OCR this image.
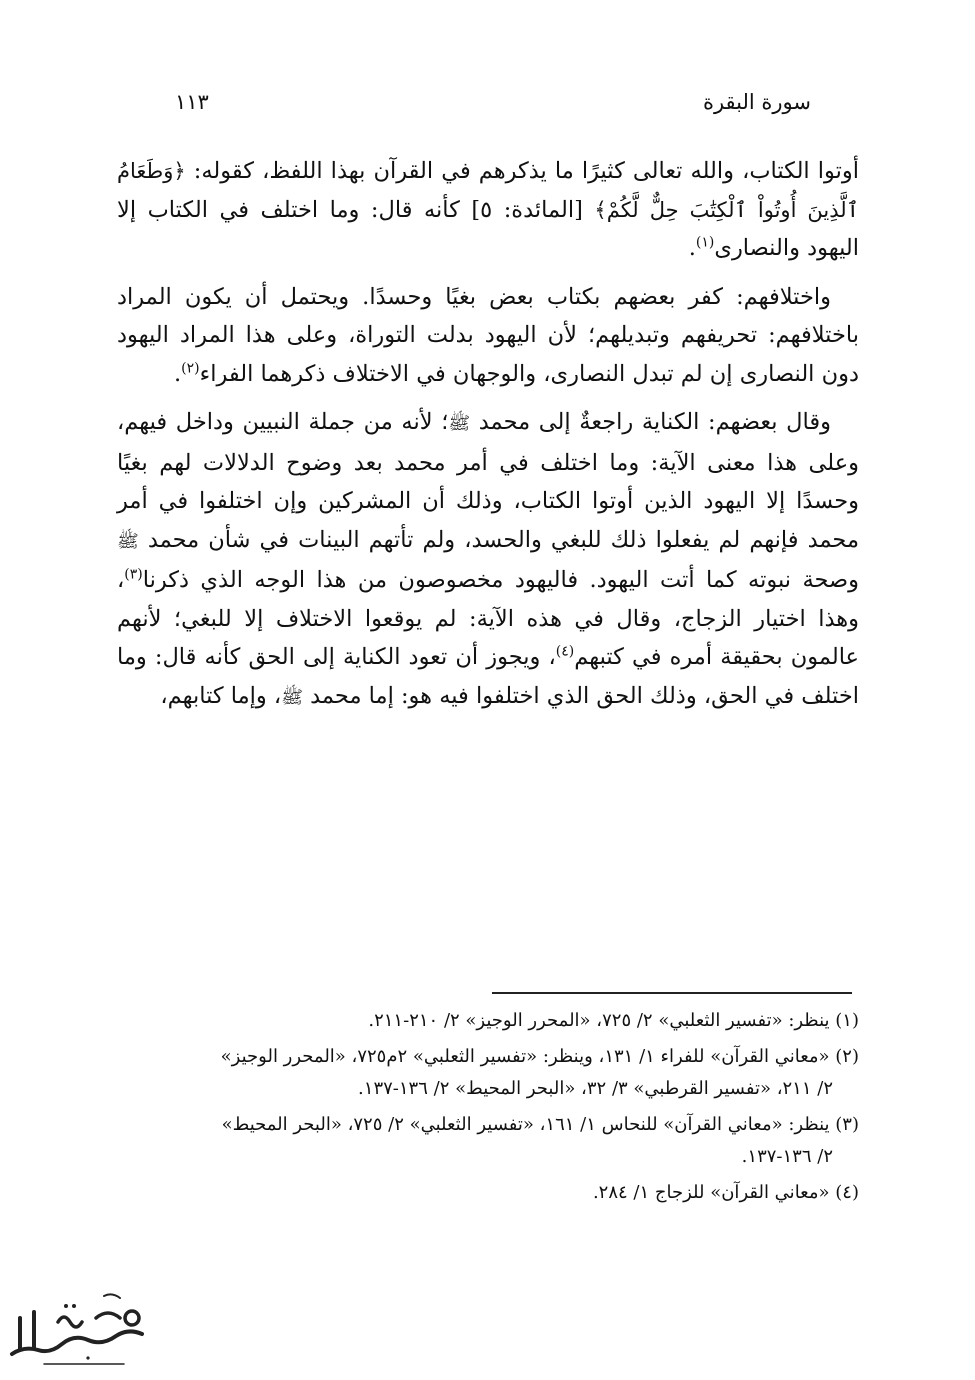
سورة البقرة
١١٣

أوتوا الكتاب، والله تعالى كثيرًا ما يذكرهم في القرآن بهذا اللفظ، كقوله: ﴿وَطَعَامُ ٱلَّذِينَ أُوتُواْ ٱلْكِتَٰبَ حِلٌّ لَّكُمْ﴾ [المائدة: ٥] كأنه قال: وما اختلف في الكتاب إلا اليهود والنصارى$^{(١)}$.

واختلافهم: كفر بعضهم بكتاب بعض بغيًا وحسدًا. ويحتمل أن يكون المراد باختلافهم: تحريفهم وتبديلهم؛ لأن اليهود بدلت التوراة، وعلى هذا المراد اليهود دون النصارى إن لم تبدل النصارى، والوجهان في الاختلاف ذكرهما الفراء$^{(٢)}$.

وقال بعضهم: الكناية راجعةٌ إلى محمد ﷺ؛ لأنه من جملة النبيين وداخل فيهم، وعلى هذا معنى الآية: وما اختلف في أمر محمد بعد وضوح الدلالات لهم بغيًا وحسدًا إلا اليهود الذين أوتوا الكتاب، وذلك أن المشركين وإن اختلفوا في أمر محمد فإنهم لم يفعلوا ذلك للبغي والحسد، ولم تأتهم البينات في شأن محمد ﷺ وصحة نبوته كما أتت اليهود. فاليهود مخصوصون من هذا الوجه الذي ذكرنا$^{(٣)}$، وهذا اختيار الزجاج، وقال في هذه الآية: لم يوقعوا الاختلاف إلا للبغي؛ لأنهم عالمون بحقيقة أمره في كتبهم$^{(٤)}$، ويجوز أن تعود الكناية إلى الحق كأنه قال: وما اختلف في الحق، وذلك الحق الذي اختلفوا فيه هو: إما محمد ﷺ، وإما كتابهم،

(١) ينظر: «تفسير الثعلبي» ٢/ ٧٢٥، «المحرر الوجيز» ٢/ ٢١٠-٢١١.
(٢) «معاني القرآن» للفراء ١/ ١٣١، وينظر: «تفسير الثعلبي» ٢م٧٢٥، «المحرر الوجيز»
٢/ ٢١١، «تفسير القرطبي» ٣/ ٣٢، «البحر المحيط» ٢/ ١٣٦-١٣٧.
(٣) ينظر: «معاني القرآن» للنحاس ١/ ١٦١، «تفسير الثعلبي» ٢/ ٧٢٥، «البحر المحيط»
٢/ ١٣٦-١٣٧.
(٤) «معاني القرآن» للزجاج ١/ ٢٨٤.
المستهدم
